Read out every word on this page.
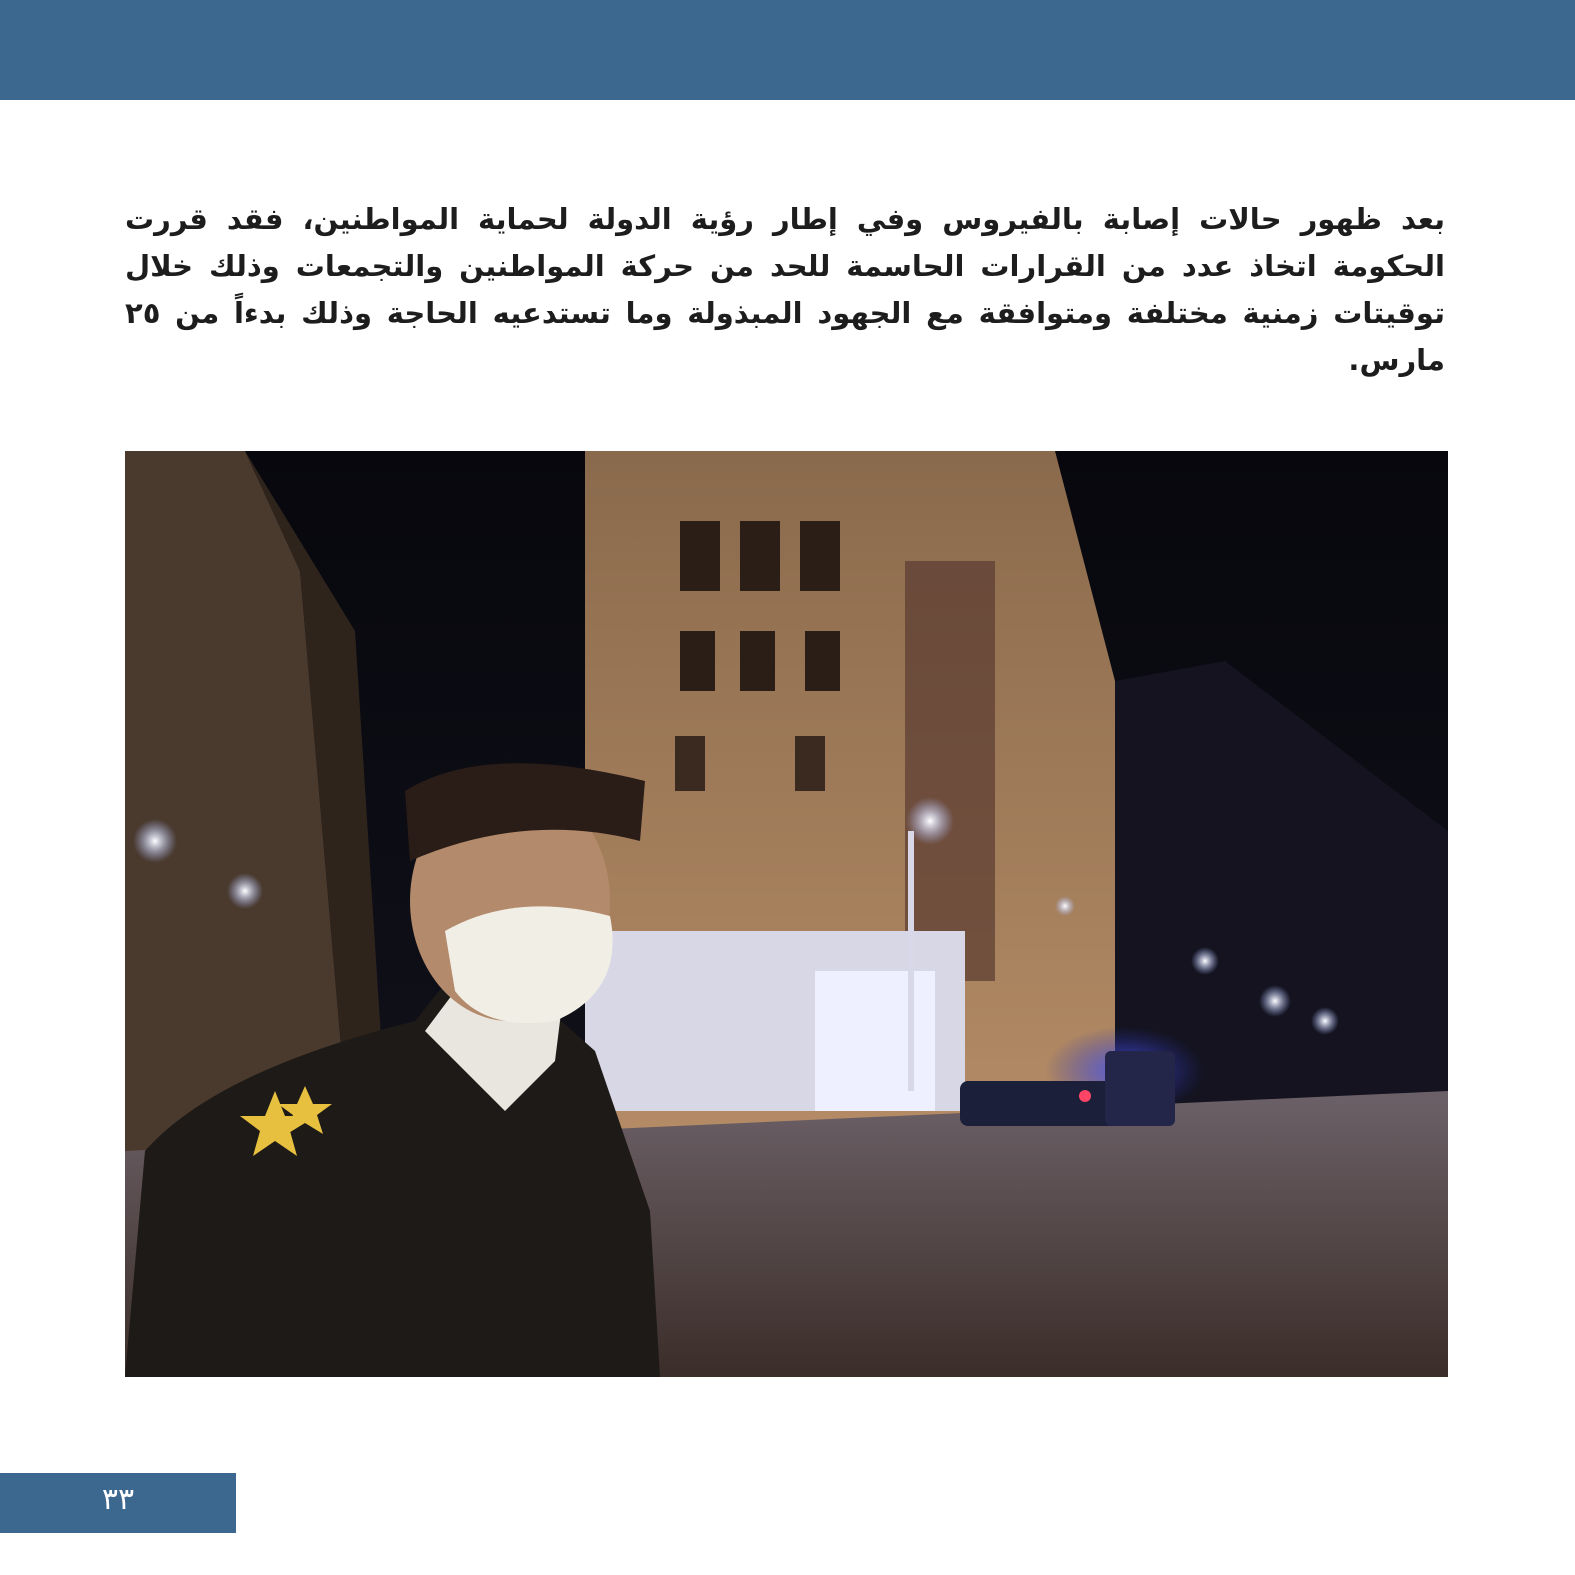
بعد ظهور حالات إصابة بالفيروس وفي إطار رؤية الدولة لحماية المواطنين، فقد قررت الحكومة اتخاذ عدد من القرارات الحاسمة للحد من حركة المواطنين والتجمعات وذلك خلال توقيتات زمنية مختلفة ومتوافقة مع الجهود المبذولة وما تستدعيه الحاجة وذلك بدءاً من ٢٥ مارس.

٣٣
